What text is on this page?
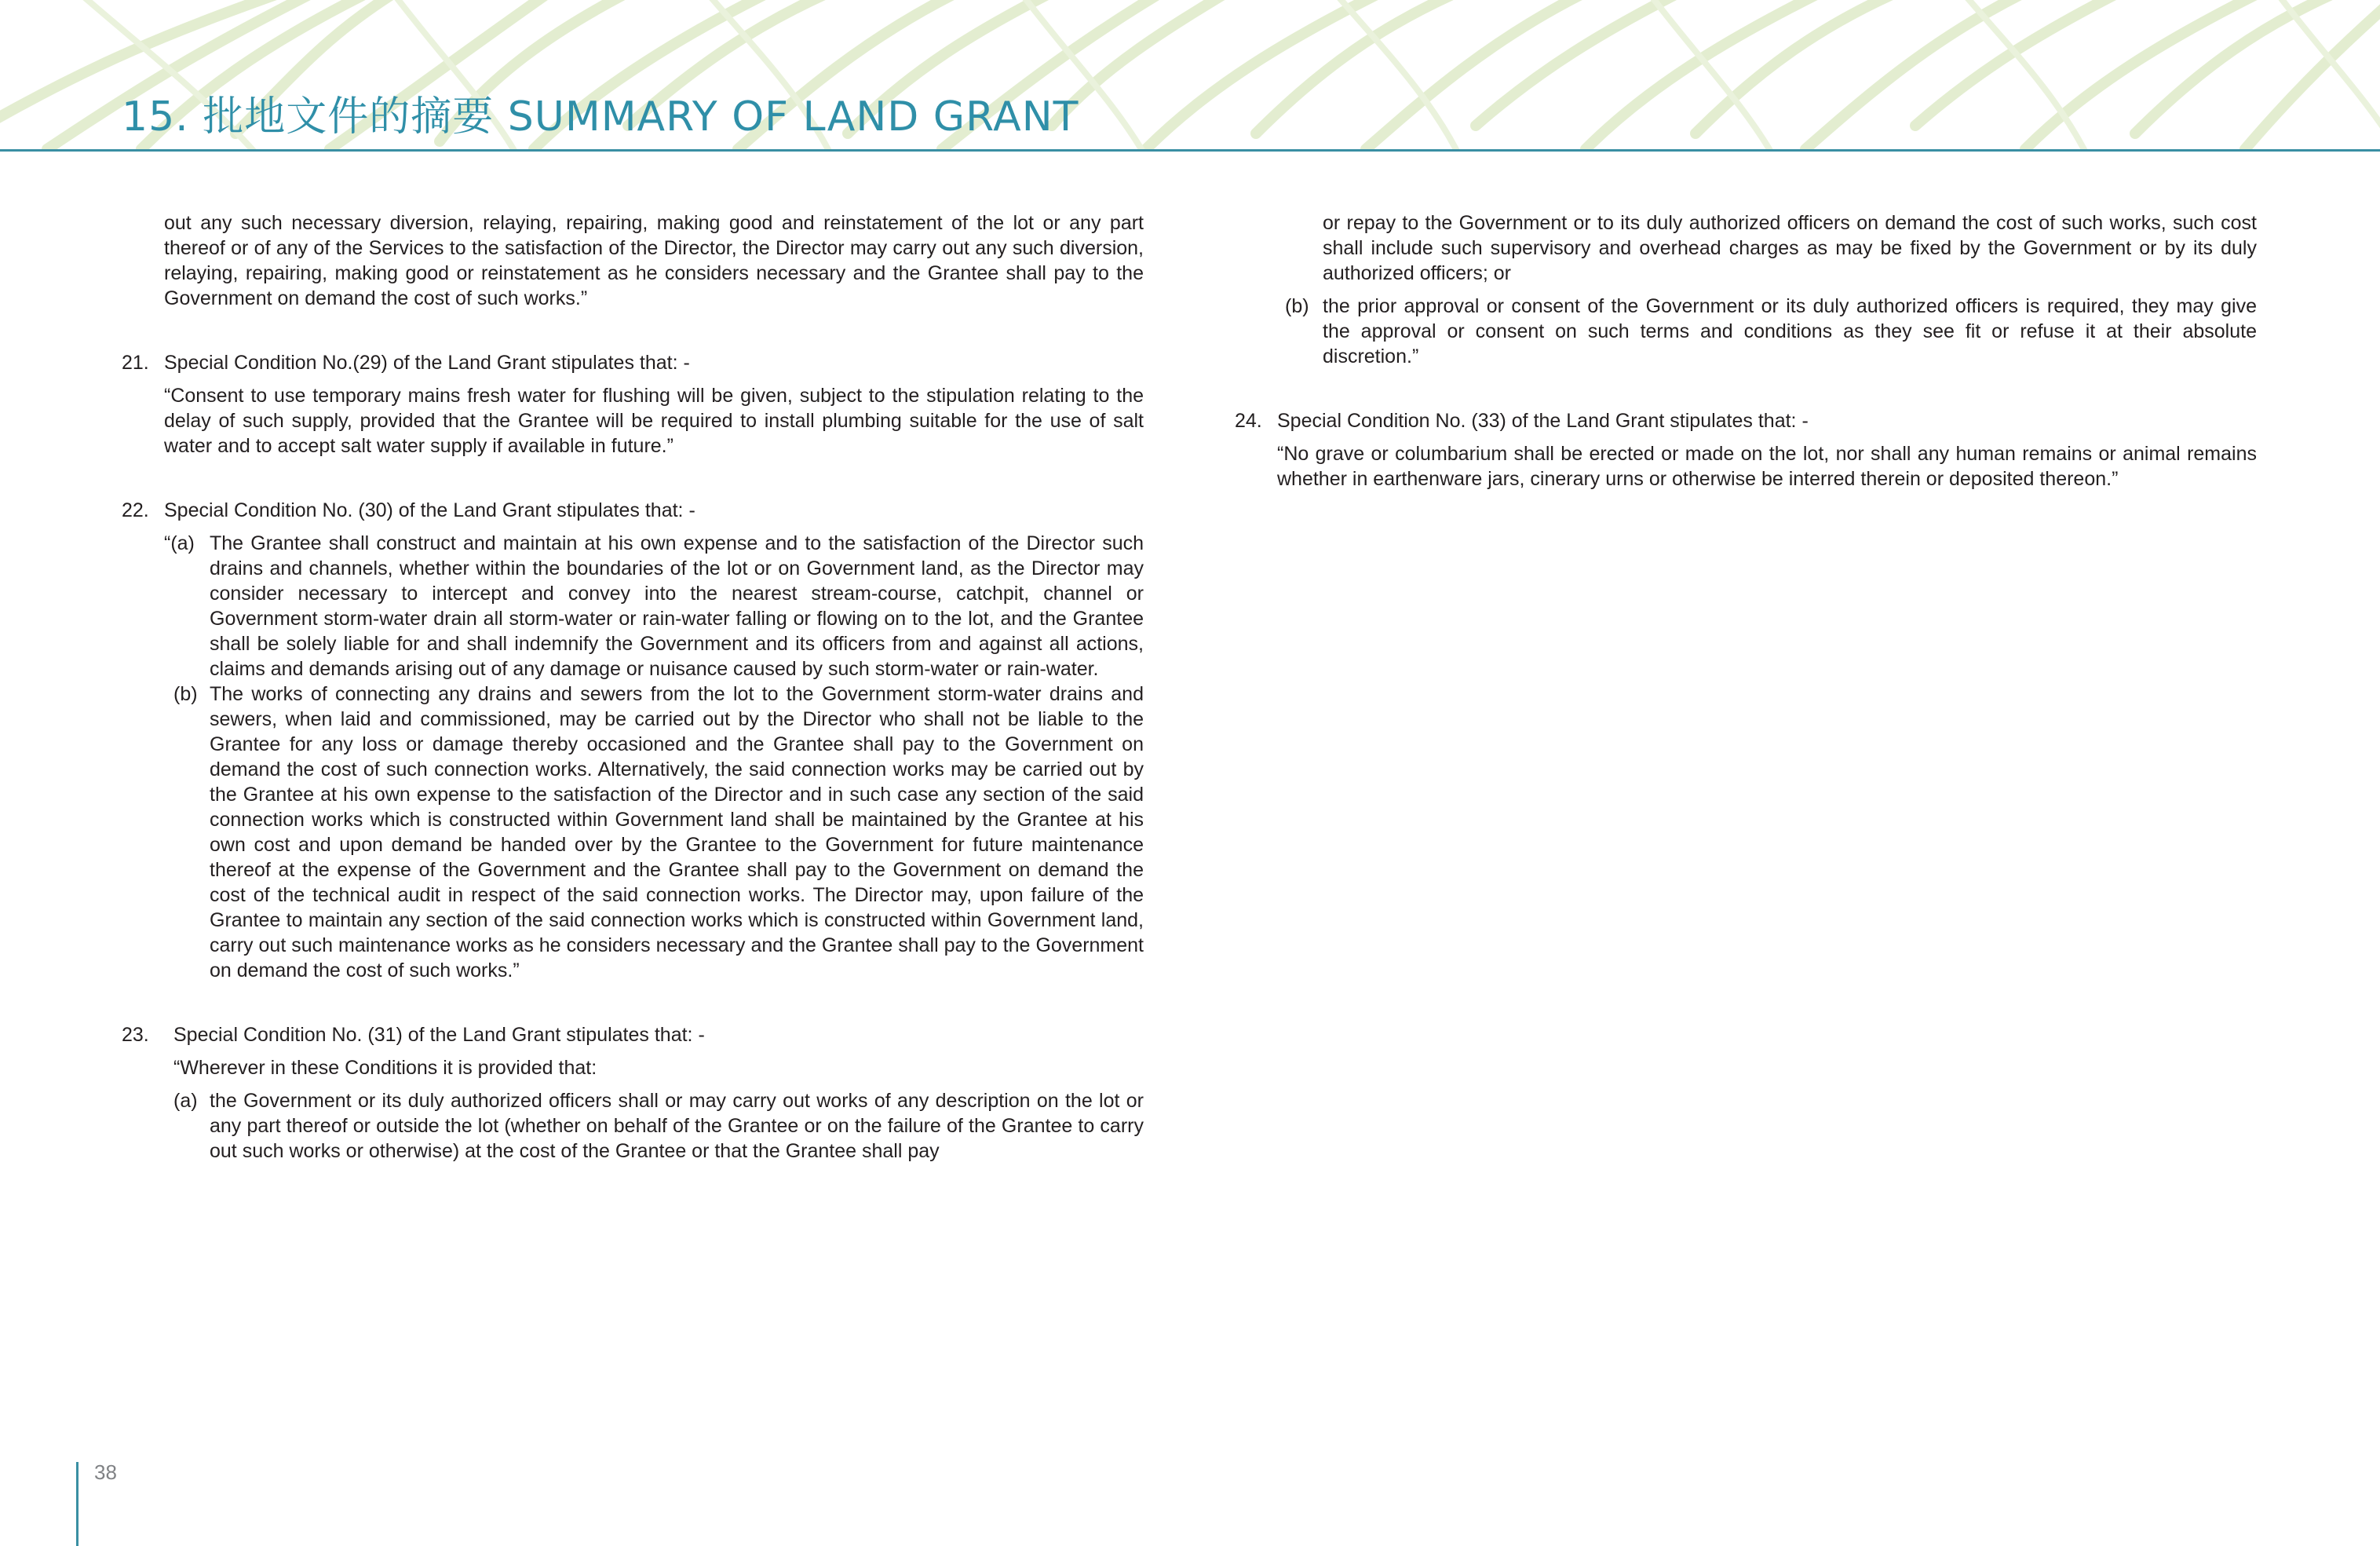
15. 批地文件的摘要 SUMMARY OF LAND GRANT
out any such necessary diversion, relaying, repairing, making good and reinstatement of the lot or any part thereof or of any of the Services to the satisfaction of the Director, the Director may carry out any such diversion, relaying, repairing, making good or reinstatement as he considers necessary and the Grantee shall pay to the Government on demand the cost of such works.”
21. Special Condition No.(29) of the Land Grant stipulates that: -
“Consent to use temporary mains fresh water for flushing will be given, subject to the stipulation relating to the delay of such supply, provided that the Grantee will be required to install plumbing suitable for the use of salt water and to accept salt water supply if available in future.”
22. Special Condition No. (30) of the Land Grant stipulates that: -
“(a) The Grantee shall construct and maintain at his own expense and to the satisfaction of the Director such drains and channels, whether within the boundaries of the lot or on Government land, as the Director may consider necessary to intercept and convey into the nearest stream-course, catchpit, channel or Government storm-water drain all storm-water or rain-water falling or flowing on to the lot, and the Grantee shall be solely liable for and shall indemnify the Government and its officers from and against all actions, claims and demands arising out of any damage or nuisance caused by such storm-water or rain-water.
(b) The works of connecting any drains and sewers from the lot to the Government storm-water drains and sewers, when laid and commissioned, may be carried out by the Director who shall not be liable to the Grantee for any loss or damage thereby occasioned and the Grantee shall pay to the Government on demand the cost of such connection works. Alternatively, the said connection works may be carried out by the Grantee at his own expense to the satisfaction of the Director and in such case any section of the said connection works which is constructed within Government land shall be maintained by the Grantee at his own cost and upon demand be handed over by the Grantee to the Government for future maintenance thereof at the expense of the Government and the Grantee shall pay to the Government on demand the cost of the technical audit in respect of the said connection works. The Director may, upon failure of the Grantee to maintain any section of the said connection works which is constructed within Government land, carry out such maintenance works as he considers necessary and the Grantee shall pay to the Government on demand the cost of such works.”
23.	Special Condition No. (31) of the Land Grant stipulates that: -
“Wherever in these Conditions it is provided that:
(a) the Government or its duly authorized officers shall or may carry out works of any description on the lot or any part thereof or outside the lot (whether on behalf of the Grantee or on the failure of the Grantee to carry out such works or otherwise) at the cost of the Grantee or that the Grantee shall pay
or repay to the Government or to its duly authorized officers on demand the cost of such works, such cost shall include such supervisory and overhead charges as may be fixed by the Government or by its duly authorized officers; or
(b) the prior approval or consent of the Government or its duly authorized officers is required, they may give the approval or consent on such terms and conditions as they see fit or refuse it at their absolute discretion.”
24. Special Condition No. (33) of the Land Grant stipulates that: -
“No grave or columbarium shall be erected or made on the lot, nor shall any human remains or animal remains whether in earthenware jars, cinerary urns or otherwise be interred therein or deposited thereon.”
38
